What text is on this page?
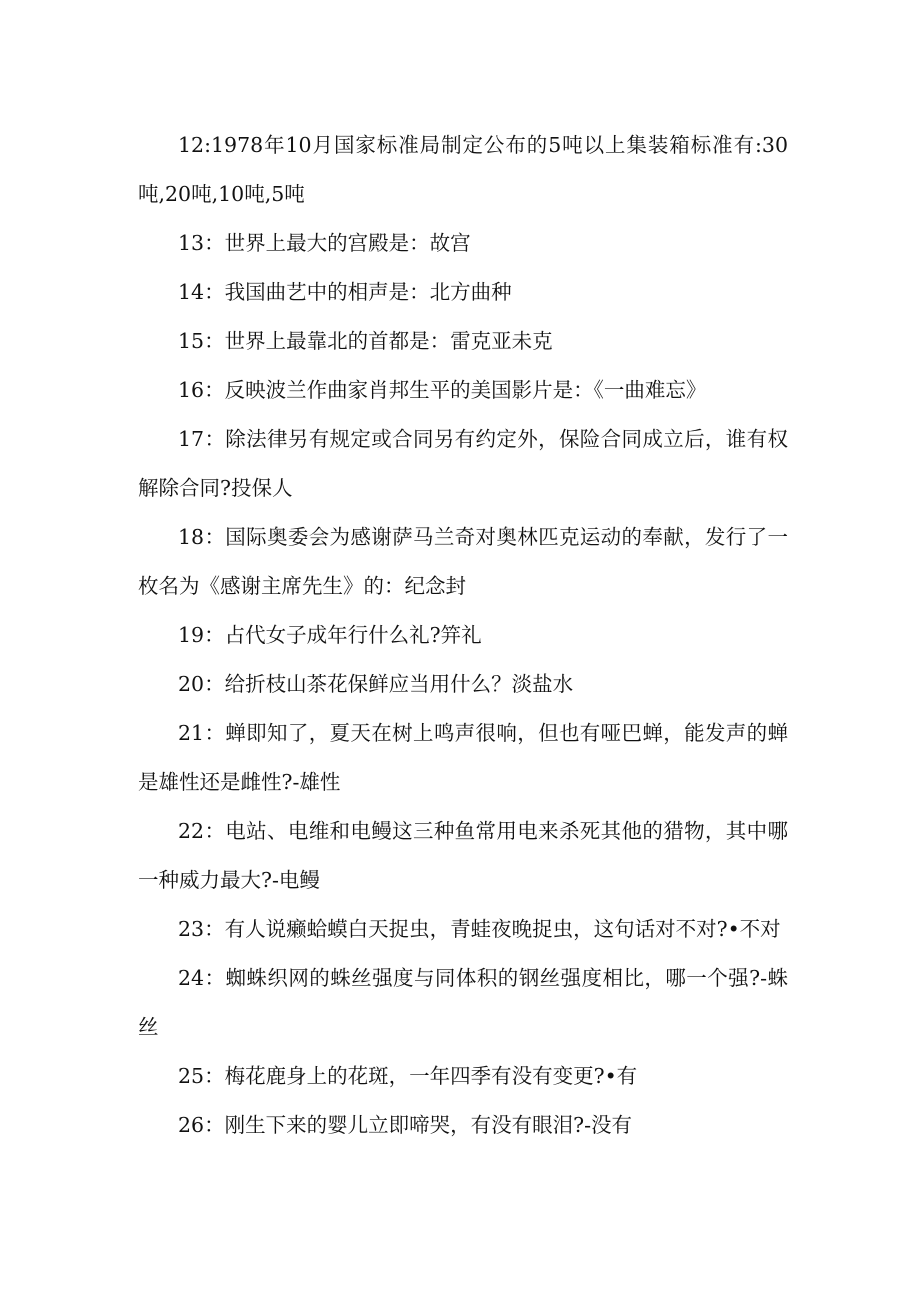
12:1978年10月国家标准局制定公布的5吨以上集装箱标准有:30吨,20吨,10吨,5吨

13：世界上最大的宫殿是：故宫

14：我国曲艺中的相声是：北方曲种

15：世界上最靠北的首都是：雷克亚未克

16：反映波兰作曲家肖邦生平的美国影片是：《一曲难忘》

17：除法律另有规定或合同另有约定外，保险合同成立后，谁有权解除合同?投保人

18：国际奥委会为感谢萨马兰奇对奥林匹克运动的奉献，发行了一枚名为《感谢主席先生》的：纪念封

19：占代女子成年行什么礼?笄礼

20：给折枝山茶花保鲜应当用什么？淡盐水

21：蝉即知了，夏天在树上鸣声很响，但也有哑巴蝉，能发声的蝉是雄性还是雌性?-雄性

22：电站、电维和电鳗这三种鱼常用电来杀死其他的猎物，其中哪一种威力最大?-电鳗

23：有人说癞蛤蟆白天捉虫，青蛙夜晚捉虫，这句话对不对?•不对

24：蜘蛛织网的蛛丝强度与同体积的钢丝强度相比，哪一个强?-蛛丝

25：梅花鹿身上的花斑，一年四季有没有变更?•有

26：刚生下来的婴儿立即啼哭，有没有眼泪?-没有
